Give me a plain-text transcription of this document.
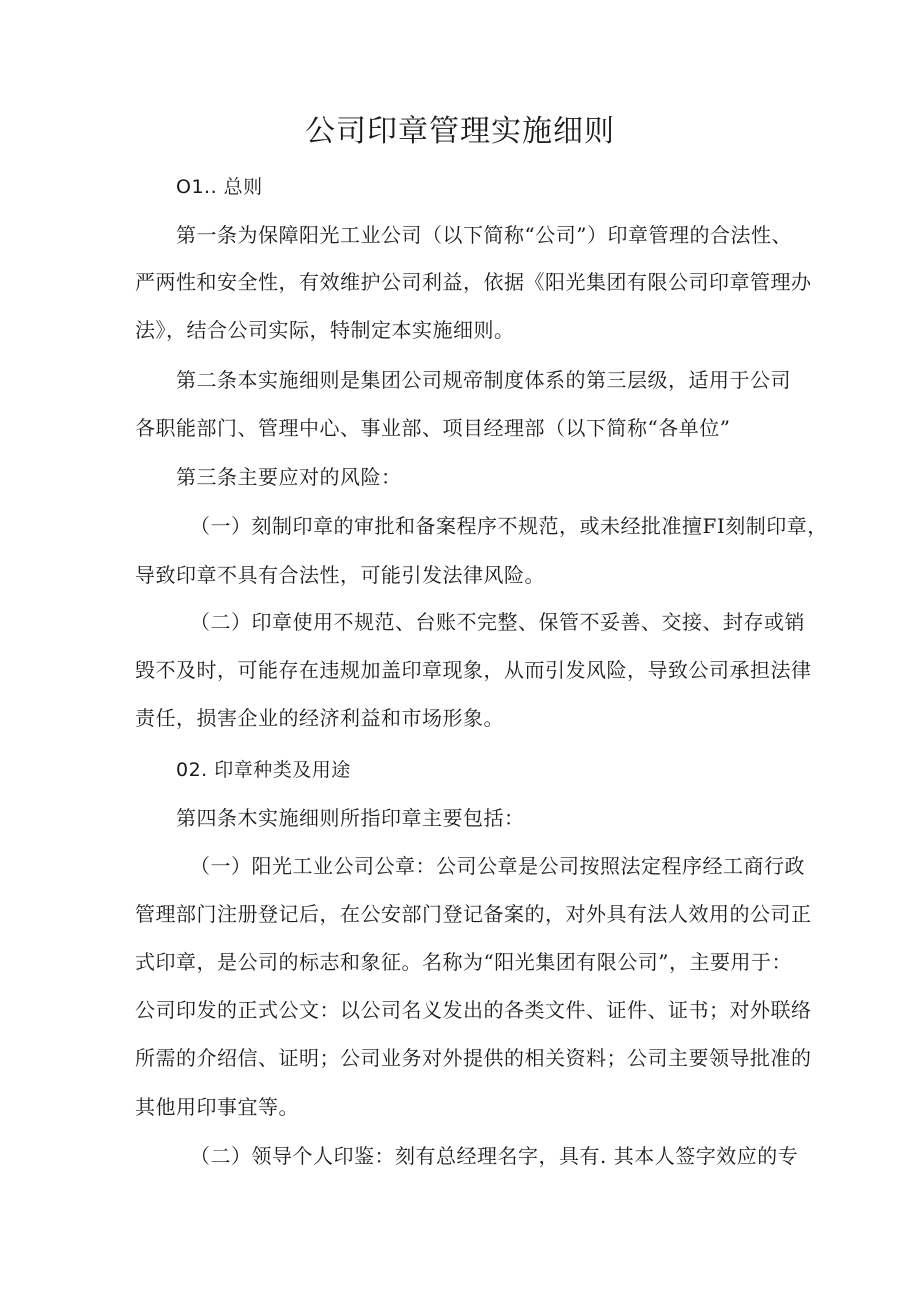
公司印章管理实施细则
O1.. 总则
第一条为保障阳光工业公司（以下简称“公司”）印章管理的合法性、
严两性和安全性，有效维护公司利益，依据《阳光集团有限公司印章管理办
法》，结合公司实际，特制定本实施细则。
第二条本实施细则是集团公司规帝制度体系的第三层级，适用于公司
各职能部门、管理中心、事业部、项目经理部（以下简称“各单位”
第三条主要应对的风险：
（一）刻制印章的审批和备案程序不规范，或未经批准擅FI刻制印章，
导致印章不具有合法性，可能引发法律风险。
（二）印章使用不规范、台账不完整、保管不妥善、交接、封存或销
毁不及时，可能存在违规加盖印章现象，从而引发风险，导致公司承担法律
责任，损害企业的经济利益和市场形象。
02. 印章种类及用途
第四条木实施细则所指印章主要包括：
（一）阳光工业公司公章：公司公章是公司按照法定程序经工商行政
管理部门注册登记后，在公安部门登记备案的，对外具有法人效用的公司正
式印章，是公司的标志和象征。名称为“阳光集团有限公司”，主要用于：
公司印发的正式公文：以公司名义发出的各类文件、证件、证书；对外联络
所需的介绍信、证明；公司业务对外提供的相关资料；公司主要领导批准的
其他用印事宜等。
（二）领导个人印鉴：刻有总经理名字，具有. 其本人签字效应的专
